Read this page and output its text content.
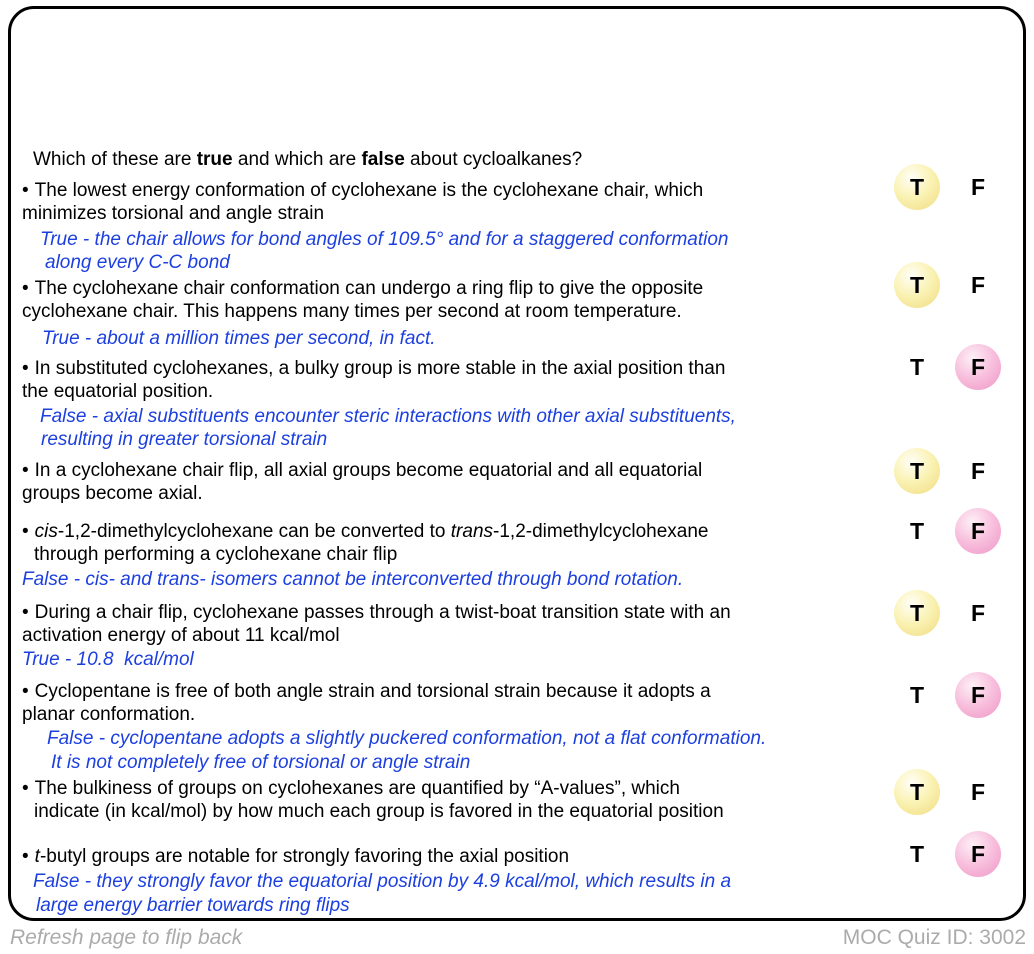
Which of these are true and which are false about cycloalkanes?
• The lowest energy conformation of cyclohexane is the cyclohexane chair, which
minimizes torsional and angle strain
True - the chair allows for bond angles of 109.5° and for a staggered conformation
along every C-C bond
• The cyclohexane chair conformation can undergo a ring flip to give the opposite
cyclohexane chair. This happens many times per second at room temperature.
True - about a million times per second, in fact.
• In substituted cyclohexanes, a bulky group is more stable in the axial position than
the equatorial position.
False - axial substituents encounter steric interactions with other axial substituents,
resulting in greater torsional strain
• In a cyclohexane chair flip, all axial groups become equatorial and all equatorial
groups become axial.
• cis-1,2-dimethylcyclohexane can be converted to trans-1,2-dimethylcyclohexane
through performing a cyclohexane chair flip
False - cis- and trans- isomers cannot be interconverted through bond rotation.
• During a chair flip, cyclohexane passes through a twist-boat transition state with an
activation energy of about 11 kcal/mol
True - 10.8  kcal/mol
• Cyclopentane is free of both angle strain and torsional strain because it adopts a
planar conformation.
False - cyclopentane adopts a slightly puckered conformation, not a flat conformation.
It is not completely free of torsional or angle strain
• The bulkiness of groups on cyclohexanes are quantified by “A-values”, which
indicate (in kcal/mol) by how much each group is favored in the equatorial position
• t-butyl groups are notable for strongly favoring the axial position
False - they strongly favor the equatorial position by 4.9 kcal/mol, which results in a
large energy barrier towards ring flips
T F
T F
T F
T F
T F
T F
T F
T F
T F
Refresh page to flip back	MOC Quiz ID: 3002
